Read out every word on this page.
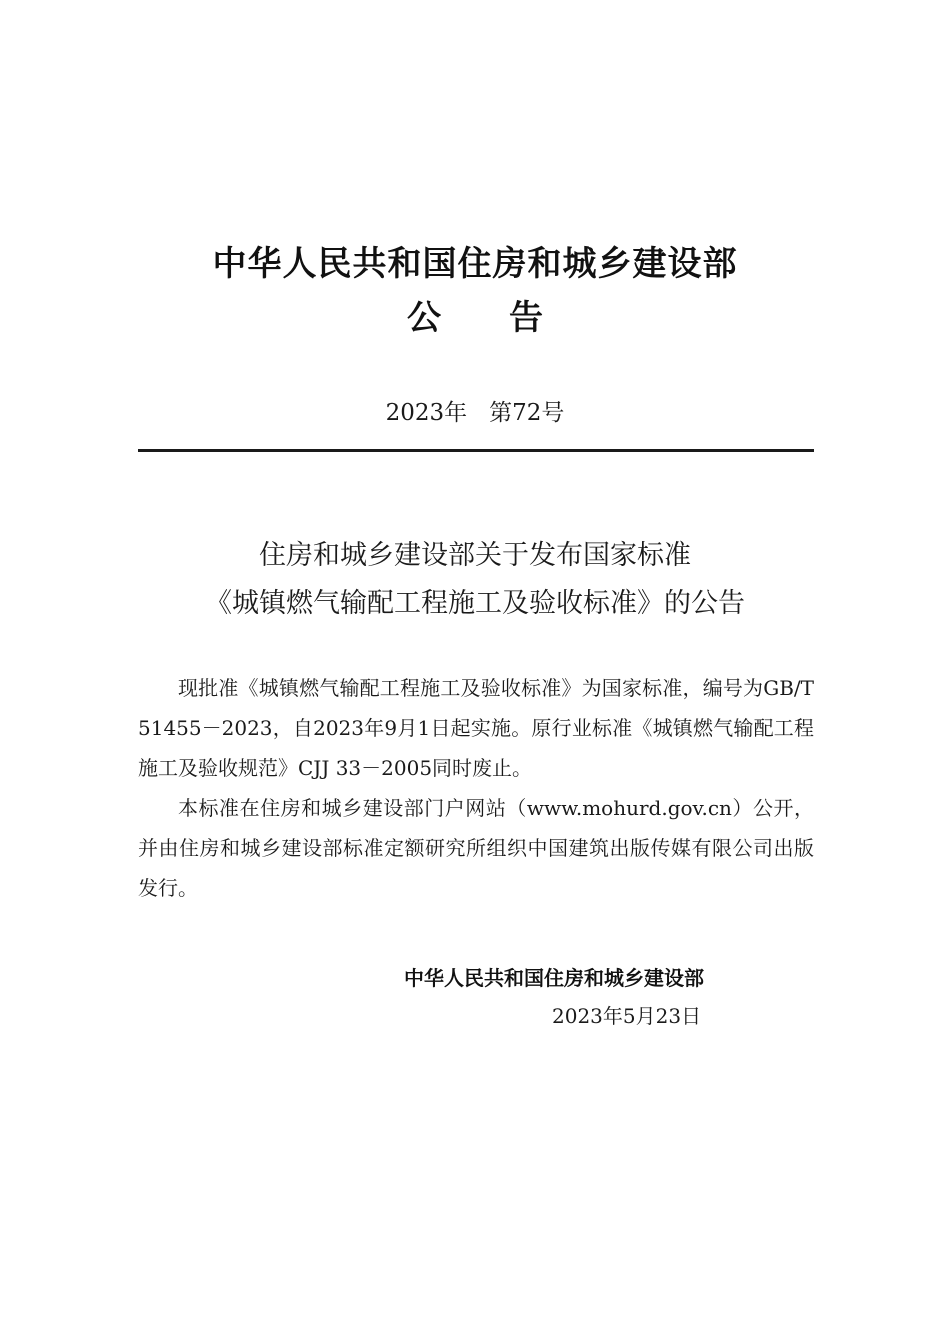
中华人民共和国住房和城乡建设部
公 告
2023年 第72号
住房和城乡建设部关于发布国家标准
《城镇燃气输配工程施工及验收标准》的公告

现批准《城镇燃气输配工程施工及验收标准》为国家标准，编号为GB/T 51455－2023，自2023年9月1日起实施。原行业标准《城镇燃气输配工程施工及验收规范》CJJ 33－2005同时废止。

本标准在住房和城乡建设部门户网站（www.mohurd.gov.cn）公开，并由住房和城乡建设部标准定额研究所组织中国建筑出版传媒有限公司出版发行。

中华人民共和国住房和城乡建设部
2023年5月23日
